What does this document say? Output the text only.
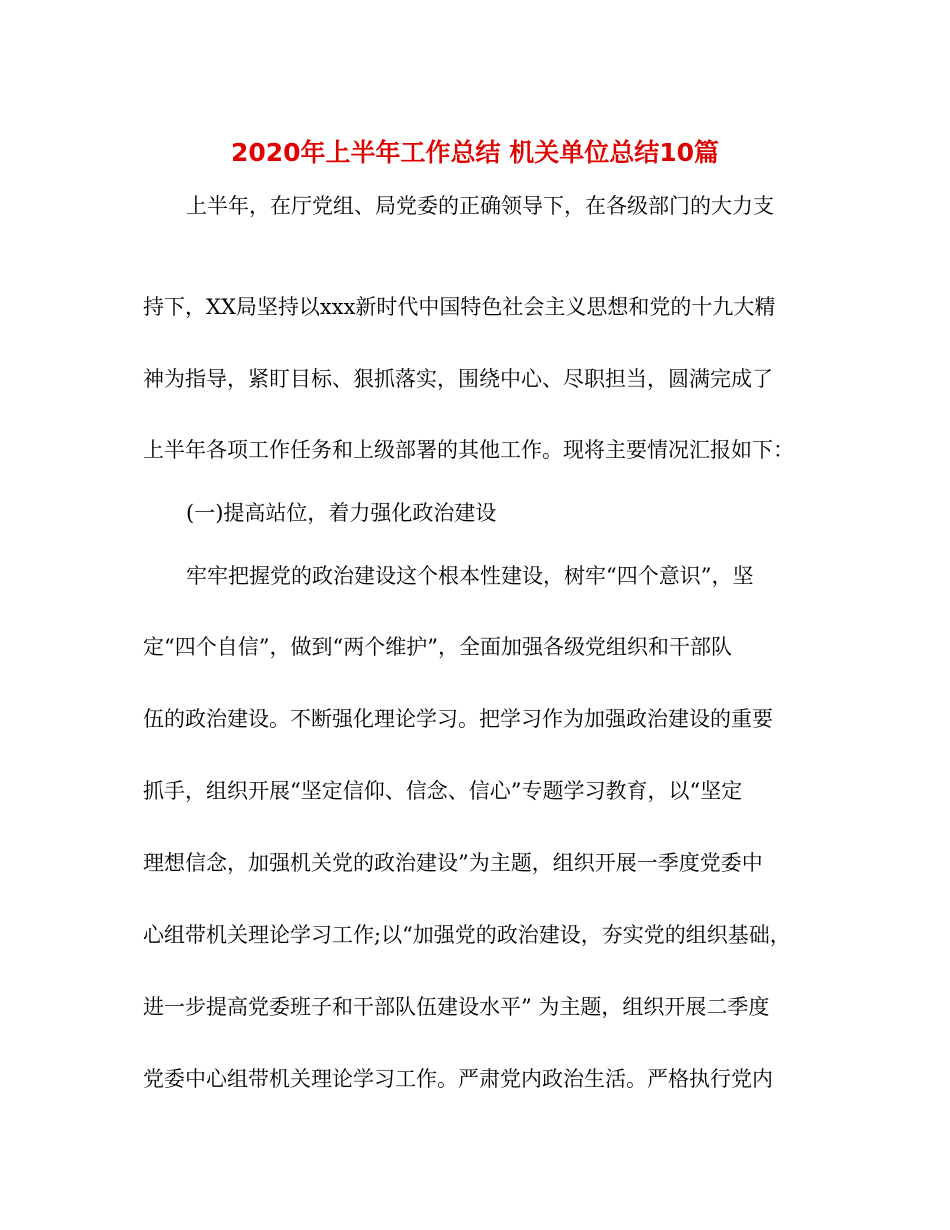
2020年上半年工作总结 机关单位总结10篇
上半年，在厅党组、局党委的正确领导下，在各级部门的大力支
持下，XX局坚持以xxx新时代中国特色社会主义思想和党的十九大精
神为指导，紧盯目标、狠抓落实，围绕中心、尽职担当，圆满完成了
上半年各项工作任务和上级部署的其他工作。现将主要情况汇报如下：
(一)提高站位，着力强化政治建设
牢牢把握党的政治建设这个根本性建设，树牢“四个意识”，坚
定“四个自信”，做到“两个维护”，全面加强各级党组织和干部队
伍的政治建设。不断强化理论学习。把学习作为加强政治建设的重要
抓手，组织开展“坚定信仰、信念、信心”专题学习教育，以“坚定
理想信念，加强机关党的政治建设”为主题，组织开展一季度党委中
心组带机关理论学习工作;以“加强党的政治建设，夯实党的组织基础，
进一步提高党委班子和干部队伍建设水平” 为主题，组织开展二季度
党委中心组带机关理论学习工作。严肃党内政治生活。严格执行党内
